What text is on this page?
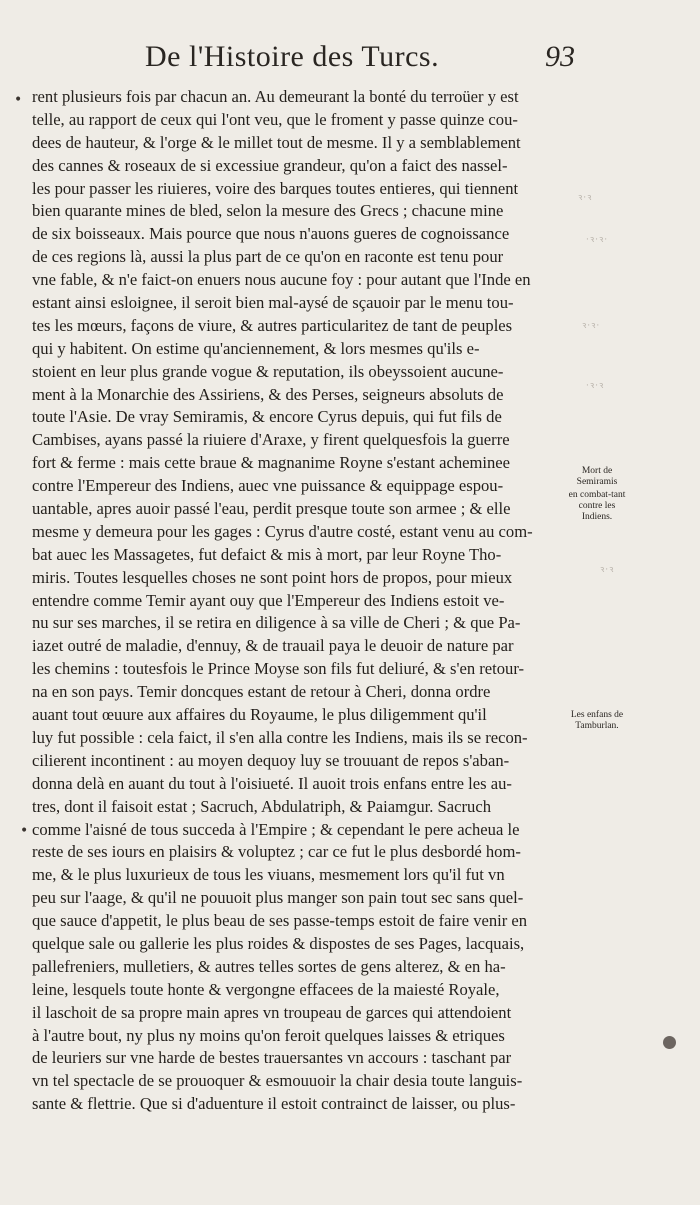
De l'Histoire des Turcs.	93
•
•
rent plusieurs fois par chacun an. Au demeurant la bonté du terroüer y est
telle, au rapport de ceux qui l'ont veu, que le froment y passe quinze cou-
dees de hauteur, & l'orge & le millet tout de mesme. Il y a semblablement
des cannes & roseaux de si excessiue grandeur, qu'on a faict des nassel-
les pour passer les riuieres, voire des barques toutes entieres, qui tiennent
bien quarante mines de bled, selon la mesure des Grecs ; chacune mine
de six boisseaux. Mais pource que nous n'auons gueres de cognoissance
de ces regions là, aussi la plus part de ce qu'on en raconte est tenu pour
vne fable, & n'e faict-on enuers nous aucune foy : pour autant que l'Inde en
estant ainsi esloignee, il seroit bien mal-aysé de sçauoir par le menu tou-
tes les mœurs, façons de viure, & autres particularitez de tant de peuples
qui y habitent. On estime qu'anciennement, & lors mesmes qu'ils e-
stoient en leur plus grande vogue & reputation, ils obeyssoient aucune-
ment à la Monarchie des Assiriens, & des Perses, seigneurs absoluts de
toute l'Asie. De vray Semiramis, & encore Cyrus depuis, qui fut fils de
Cambises, ayans passé la riuiere d'Araxe, y firent quelquesfois la guerre
fort & ferme : mais cette braue & magnanime Royne s'estant acheminee
contre l'Empereur des Indiens, auec vne puissance & equippage espou-
uantable, apres auoir passé l'eau, perdit presque toute son armee ; & elle
mesme y demeura pour les gages : Cyrus d'autre costé, estant venu au com-
bat auec les Massagetes, fut defaict & mis à mort, par leur Royne Tho-
miris. Toutes lesquelles choses ne sont point hors de propos, pour mieux
entendre comme Temir ayant ouy que l'Empereur des Indiens estoit ve-
nu sur ses marches, il se retira en diligence à sa ville de Cheri ; & que Pa-
iazet outré de maladie, d'ennuy, & de trauail paya le deuoir de nature par
les chemins : toutesfois le Prince Moyse son fils fut deliuré, & s'en retour-
na en son pays. Temir doncques estant de retour à Cheri, donna ordre
auant tout œuure aux affaires du Royaume, le plus diligemment qu'il
luy fut possible : cela faict, il s'en alla contre les Indiens, mais ils se recon-
cilierent incontinent : au moyen dequoy luy se trouuant de repos s'aban-
donna delà en auant du tout à l'oisiueté. Il auoit trois enfans entre les au-
tres, dont il faisoit estat ; Sacruch, Abdulatriph, & Paiamgur. Sacruch
comme l'aisné de tous succeda à l'Empire ; & cependant le pere acheua le
reste de ses iours en plaisirs & voluptez ; car ce fut le plus desbordé hom-
me, & le plus luxurieux de tous les viuans, mesmement lors qu'il fut vn
peu sur l'aage, & qu'il ne pouuoit plus manger son pain tout sec sans quel-
que sauce d'appetit, le plus beau de ses passe-temps estoit de faire venir en
quelque sale ou gallerie les plus roides & dispostes de ses Pages, lacquais,
pallefreniers, mulletiers, & autres telles sortes de gens alterez, & en ha-
leine, lesquels toute honte & vergongne effacees de la maiesté Royale,
il laschoit de sa propre main apres vn troupeau de garces qui attendoient
à l'autre bout, ny plus ny moins qu'on feroit quelques laisses & etriques
de leuriers sur vne harde de bestes trauersantes vn accours : taschant par
vn tel spectacle de se prouoquer & esmouuoir la chair desia toute languis-
sante & flettrie. Que si d'aduenture il estoit contrainct de laisser, ou plus-
Mort de Semiramis
en combat-tant contre les Indiens.
Les enfans de Tamburlan.
ꝛ·ꝛ
·ꝛ·ꝛ·
ꝛ·ꝛ·
·ꝛ·ꝛ
ꝛ·ꝛ
